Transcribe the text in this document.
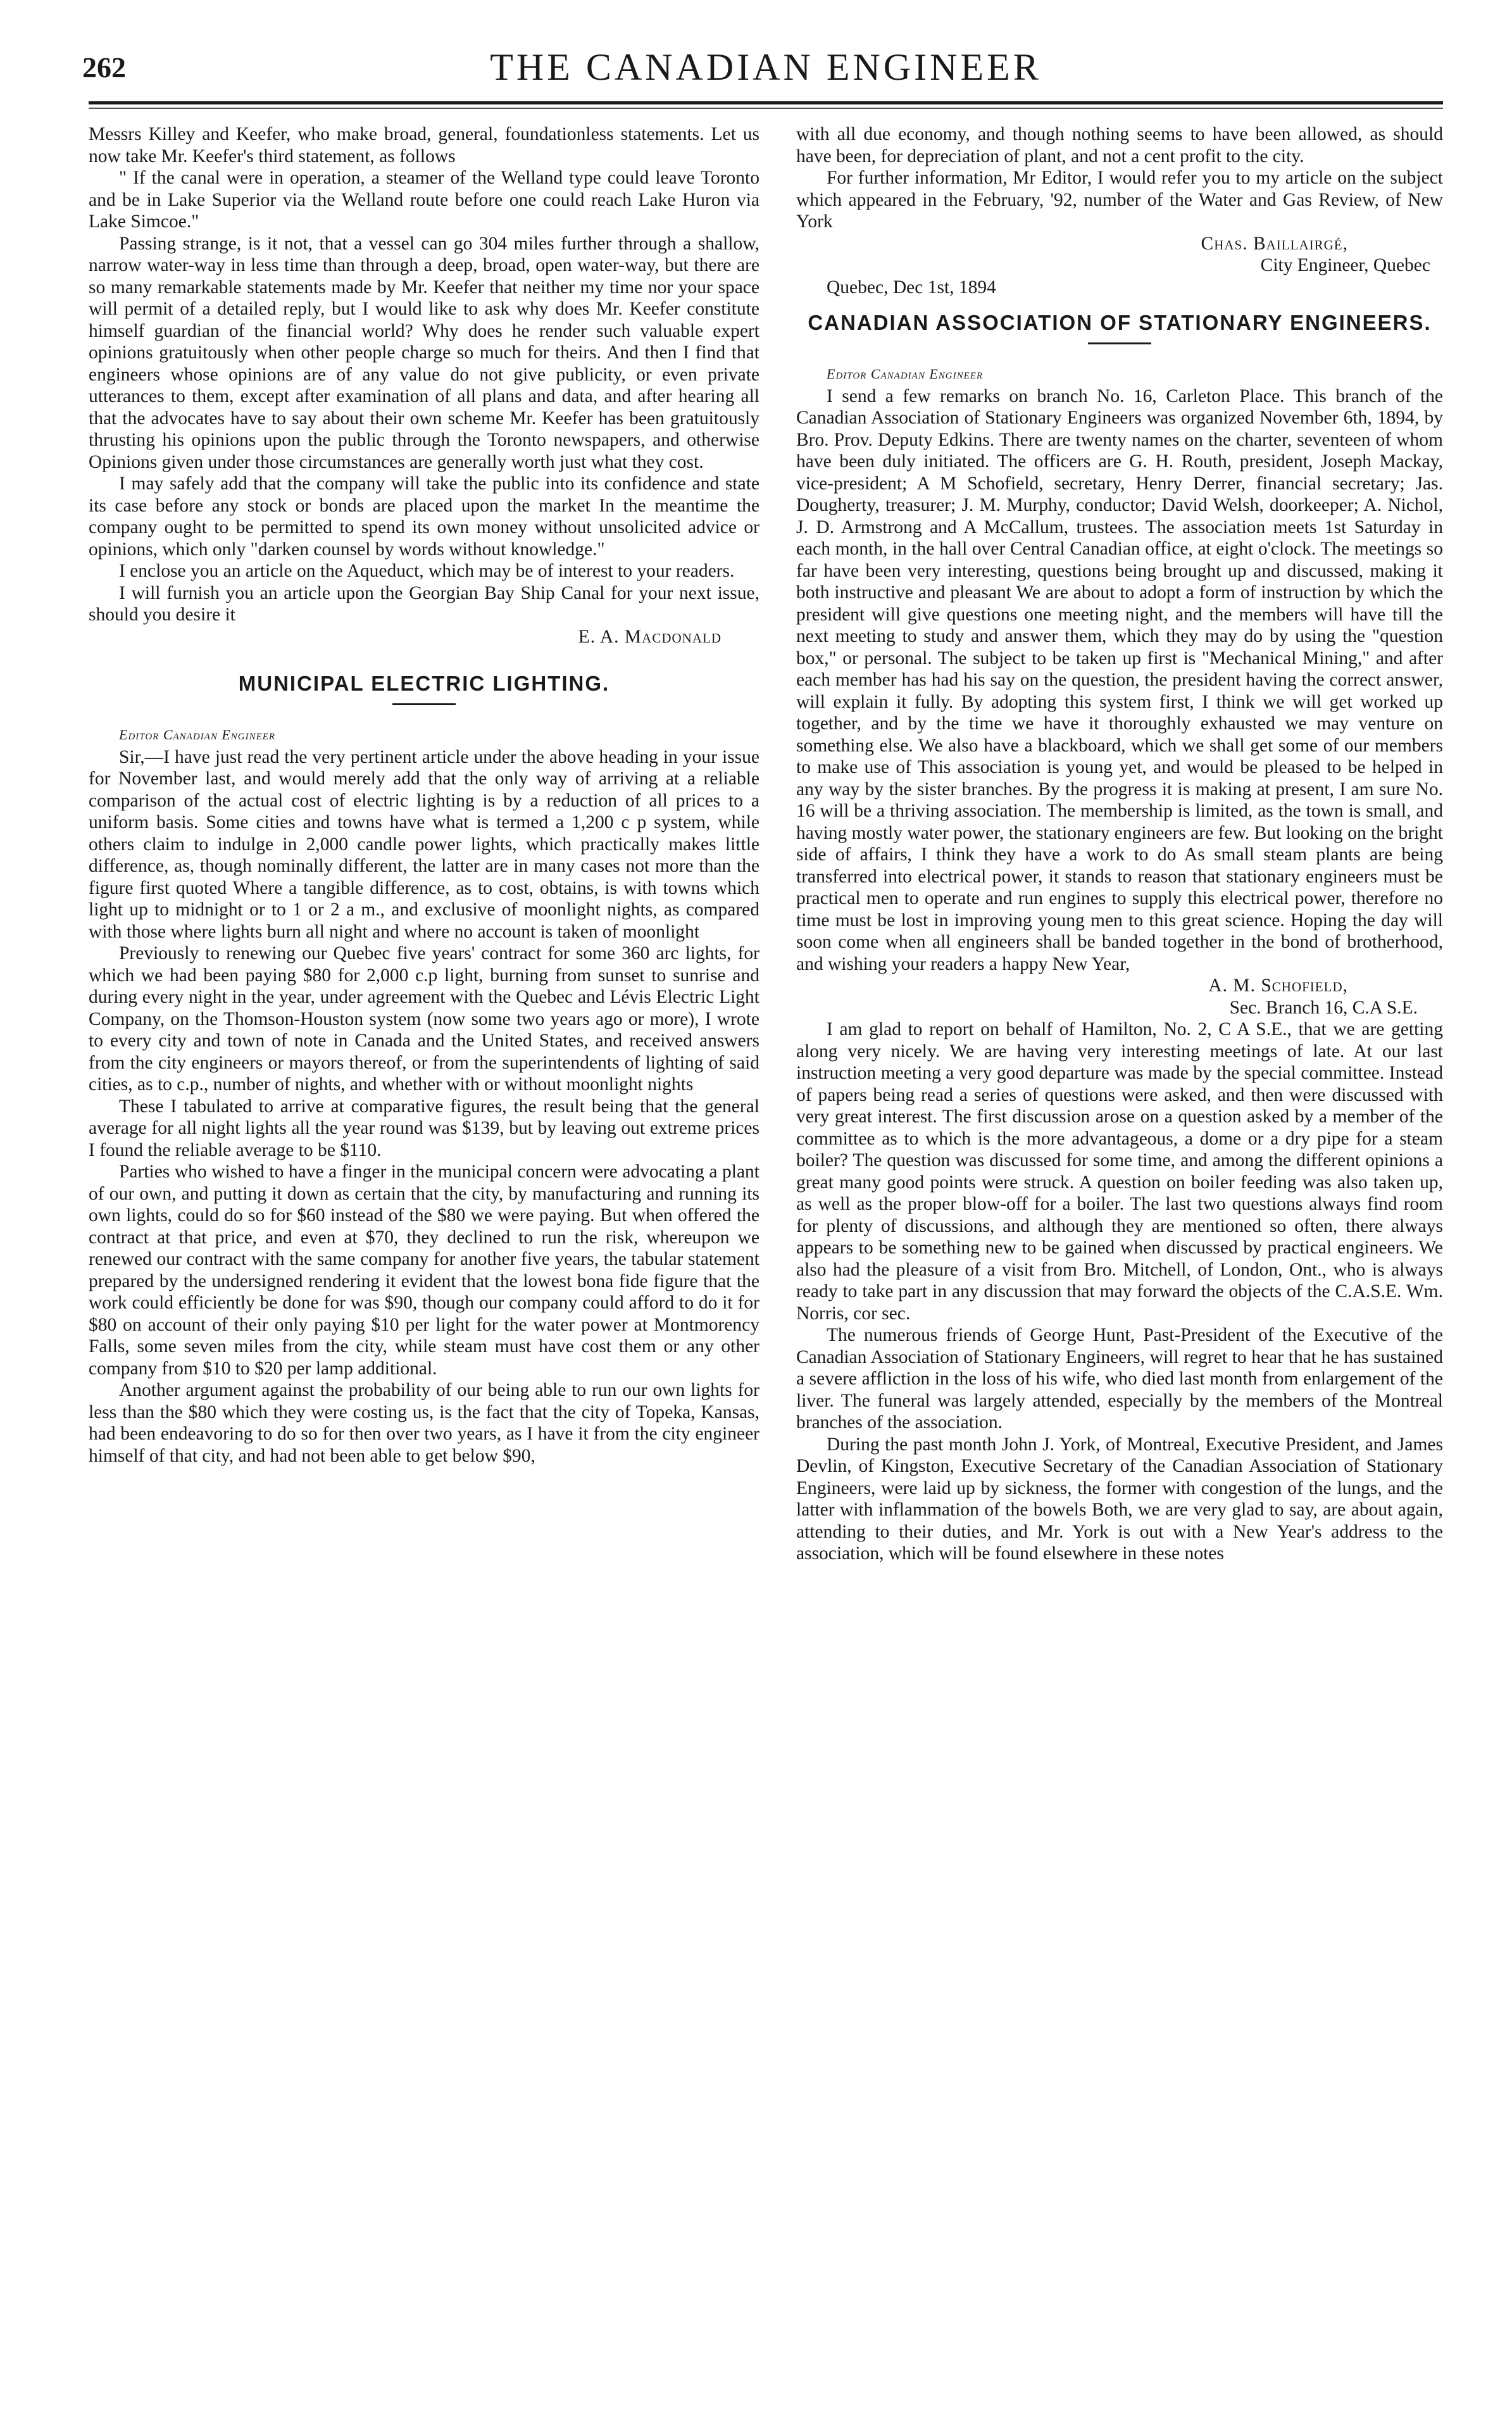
262	THE CANADIAN ENGINEER

Messrs Killey and Keefer, who make broad, general, foundationless statements. Let us now take Mr. Keefer's third statement, as follows

" If the canal were in operation, a steamer of the Welland type could leave Toronto and be in Lake Superior via the Welland route before one could reach Lake Huron via Lake Simcoe."

Passing strange, is it not, that a vessel can go 304 miles further through a shallow, narrow water-way in less time than through a deep, broad, open water-way, but there are so many remarkable statements made by Mr. Keefer that neither my time nor your space will permit of a detailed reply, but I would like to ask why does Mr. Keefer constitute himself guardian of the financial world? Why does he render such valuable expert opinions gratuitously when other people charge so much for theirs. And then I find that engineers whose opinions are of any value do not give publicity, or even private utterances to them, except after examination of all plans and data, and after hearing all that the advocates have to say about their own scheme Mr. Keefer has been gratuitously thrusting his opinions upon the public through the Toronto newspapers, and otherwise Opinions given under those circumstances are generally worth just what they cost.

I may safely add that the company will take the public into its confidence and state its case before any stock or bonds are placed upon the market In the meantime the company ought to be permitted to spend its own money without unsolicited advice or opinions, which only "darken counsel by words without knowledge."

I enclose you an article on the Aqueduct, which may be of interest to your readers.

I will furnish you an article upon the Georgian Bay Ship Canal for your next issue, should you desire it

E. A. Macdonald

MUNICIPAL ELECTRIC LIGHTING.

Editor Canadian Engineer

Sir,—I have just read the very pertinent article under the above heading in your issue for November last, and would merely add that the only way of arriving at a reliable comparison of the actual cost of electric lighting is by a reduction of all prices to a uniform basis. Some cities and towns have what is termed a 1,200 c p system, while others claim to indulge in 2,000 candle power lights, which practically makes little difference, as, though nominally different, the latter are in many cases not more than the figure first quoted Where a tangible difference, as to cost, obtains, is with towns which light up to midnight or to 1 or 2 a m., and exclusive of moonlight nights, as compared with those where lights burn all night and where no account is taken of moonlight

Previously to renewing our Quebec five years' contract for some 360 arc lights, for which we had been paying $80 for 2,000 c.p light, burning from sunset to sunrise and during every night in the year, under agreement with the Quebec and Lévis Electric Light Company, on the Thomson-Houston system (now some two years ago or more), I wrote to every city and town of note in Canada and the United States, and received answers from the city engineers or mayors thereof, or from the superintendents of lighting of said cities, as to c.p., number of nights, and whether with or without moonlight nights

These I tabulated to arrive at comparative figures, the result being that the general average for all night lights all the year round was $139, but by leaving out extreme prices I found the reliable average to be $110.

Parties who wished to have a finger in the municipal concern were advocating a plant of our own, and putting it down as certain that the city, by manufacturing and running its own lights, could do so for $60 instead of the $80 we were paying. But when offered the contract at that price, and even at $70, they declined to run the risk, whereupon we renewed our contract with the same company for another five years, the tabular statement prepared by the undersigned rendering it evident that the lowest bona fide figure that the work could efficiently be done for was $90, though our company could afford to do it for $80 on account of their only paying $10 per light for the water power at Montmorency Falls, some seven miles from the city, while steam must have cost them or any other company from $10 to $20 per lamp additional.

Another argument against the probability of our being able to run our own lights for less than the $80 which they were costing us, is the fact that the city of Topeka, Kansas, had been endeavoring to do so for then over two years, as I have it from the city engineer himself of that city, and had not been able to get below $90,

with all due economy, and though nothing seems to have been allowed, as should have been, for depreciation of plant, and not a cent profit to the city.

For further information, Mr Editor, I would refer you to my article on the subject which appeared in the February, '92, number of the Water and Gas Review, of New York

Chas. Baillairgé,

City Engineer, Quebec

Quebec, Dec 1st, 1894

CANADIAN ASSOCIATION OF STATIONARY ENGINEERS.

Editor Canadian Engineer

I send a few remarks on branch No. 16, Carleton Place. This branch of the Canadian Association of Stationary Engineers was organized November 6th, 1894, by Bro. Prov. Deputy Edkins. There are twenty names on the charter, seventeen of whom have been duly initiated. The officers are G. H. Routh, president, Joseph Mackay, vice-president; A M Schofield, secretary, Henry Derrer, financial secretary; Jas. Dougherty, treasurer; J. M. Murphy, conductor; David Welsh, doorkeeper; A. Nichol, J. D. Armstrong and A McCallum, trustees. The association meets 1st Saturday in each month, in the hall over Central Canadian office, at eight o'clock. The meetings so far have been very interesting, questions being brought up and discussed, making it both instructive and pleasant We are about to adopt a form of instruction by which the president will give questions one meeting night, and the members will have till the next meeting to study and answer them, which they may do by using the "question box," or personal. The subject to be taken up first is "Mechanical Mining," and after each member has had his say on the question, the president having the correct answer, will explain it fully. By adopting this system first, I think we will get worked up together, and by the time we have it thoroughly exhausted we may venture on something else. We also have a blackboard, which we shall get some of our members to make use of This association is young yet, and would be pleased to be helped in any way by the sister branches. By the progress it is making at present, I am sure No. 16 will be a thriving association. The membership is limited, as the town is small, and having mostly water power, the stationary engineers are few. But looking on the bright side of affairs, I think they have a work to do As small steam plants are being transferred into electrical power, it stands to reason that stationary engineers must be practical men to operate and run engines to supply this electrical power, therefore no time must be lost in improving young men to this great science. Hoping the day will soon come when all engineers shall be banded together in the bond of brotherhood, and wishing your readers a happy New Year,

A. M. Schofield,

Sec. Branch 16, C.A S.E.

I am glad to report on behalf of Hamilton, No. 2, C A S.E., that we are getting along very nicely. We are having very interesting meetings of late. At our last instruction meeting a very good departure was made by the special committee. Instead of papers being read a series of questions were asked, and then were discussed with very great interest. The first discussion arose on a question asked by a member of the committee as to which is the more advantageous, a dome or a dry pipe for a steam boiler? The question was discussed for some time, and among the different opinions a great many good points were struck. A question on boiler feeding was also taken up, as well as the proper blow-off for a boiler. The last two questions always find room for plenty of discussions, and although they are mentioned so often, there always appears to be something new to be gained when discussed by practical engineers. We also had the pleasure of a visit from Bro. Mitchell, of London, Ont., who is always ready to take part in any discussion that may forward the objects of the C.A.S.E. Wm. Norris, cor sec.

The numerous friends of George Hunt, Past-President of the Executive of the Canadian Association of Stationary Engineers, will regret to hear that he has sustained a severe affliction in the loss of his wife, who died last month from enlargement of the liver. The funeral was largely attended, especially by the members of the Montreal branches of the association.

During the past month John J. York, of Montreal, Executive President, and James Devlin, of Kingston, Executive Secretary of the Canadian Association of Stationary Engineers, were laid up by sickness, the former with congestion of the lungs, and the latter with inflammation of the bowels Both, we are very glad to say, are about again, attending to their duties, and Mr. York is out with a New Year's address to the association, which will be found elsewhere in these notes
